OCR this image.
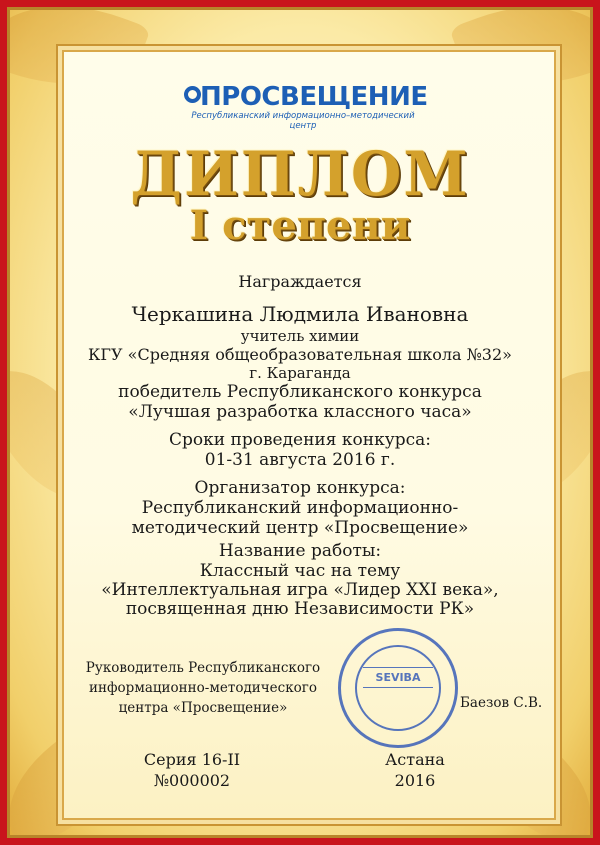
ПРОСВЕЩЕНИЕ
Республиканский информационно–методический центр
ДИПЛОМ
I степени
Награждается
Черкашина Людмила Ивановна
учитель химии
КГУ «Средняя общеобразовательная школа №32»
г. Караганда
победитель Республиканского конкурса
«Лучшая разработка классного часа»
Сроки проведения конкурса:
01-31 августа 2016 г.
Организатор конкурса:
Республиканский информационно-
методический центр «Просвещение»
Название работы:
Классный час на тему
«Интеллектуальная игра «Лидер XXI века»,
посвященная дню Независимости РК»
Руководитель Республиканского
информационно-методического
центра «Просвещение»
SEVIBA
Баезов С.В.
Серия 16-II
№000002
Астана
2016
